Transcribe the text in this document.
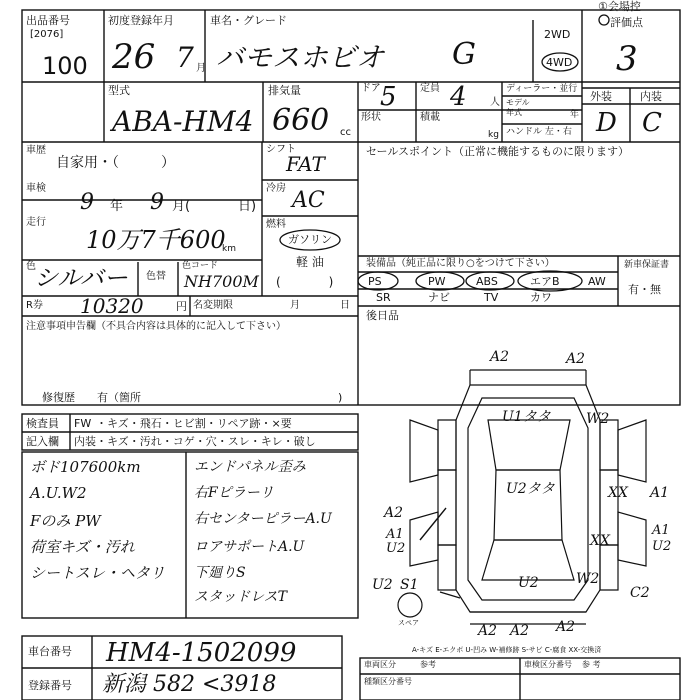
出品番号
[2076]
100
初度登録年月
26 7 月
車名・グレード
バモスホビオ G
2WD
4WD
①会場控
評価点
3
外装	内装
D C
型式
ABA-HM4
排気量
660 cc
ドア 5
形状
定員 4 人
積載
kg
ディーラー・並行
モデル
年式	年
ハンドル 左・右
車歴
自家用・（　　　）
車検
9 年 9 月(	日)
走行
10万7千600
km
色
シルバー 色替
色コード
NH700M
R券 10320	円 名変期限	月	日
シフト
FAT
冷房 AC
燃料
ガソリン
軽 油
(　　　　)
セールスポイント（正常に機能するものに限ります）
装備品（純正品に限り○をつけて下さい）
PS	PW	ABS	エアB	AW
SR	ナビ	TV	カワ
新車保証書
有・無
後日品
注意事項申告欄（不具合内容は具体的に記入して下さい）
修復歴　　有（箇所	)
検査員
記入欄
FW ・キズ・飛石・ヒビ割・リペア跡・×要
内装 ・キズ・汚れ・コゲ・穴・スレ・キレ・破し
ボド107600km
A.U.W2
Fのみ PW
荷室キズ・汚れ
シートスレ・ヘタリ
エンドパネル歪み
右Fピラーリ
右センターピラーA.U
ロアサポートA.U
下廻りS
スタッドレスT
A2	A2
U1タタ	W2
U2タタ	XX A1
A2
A1
U2	XX
A1
U2
U2
U2 S1	W2
C2
A2 A2 A2
スペア
A-キズ E-エクボ U-凹み W-補修跡 S-サビ C-腐食 XX-交換済
車台番号 HM4-1502099
登録番号 新潟 582 <3918
車両区分	参考	車検区分番号 参 考
種類区分番号
